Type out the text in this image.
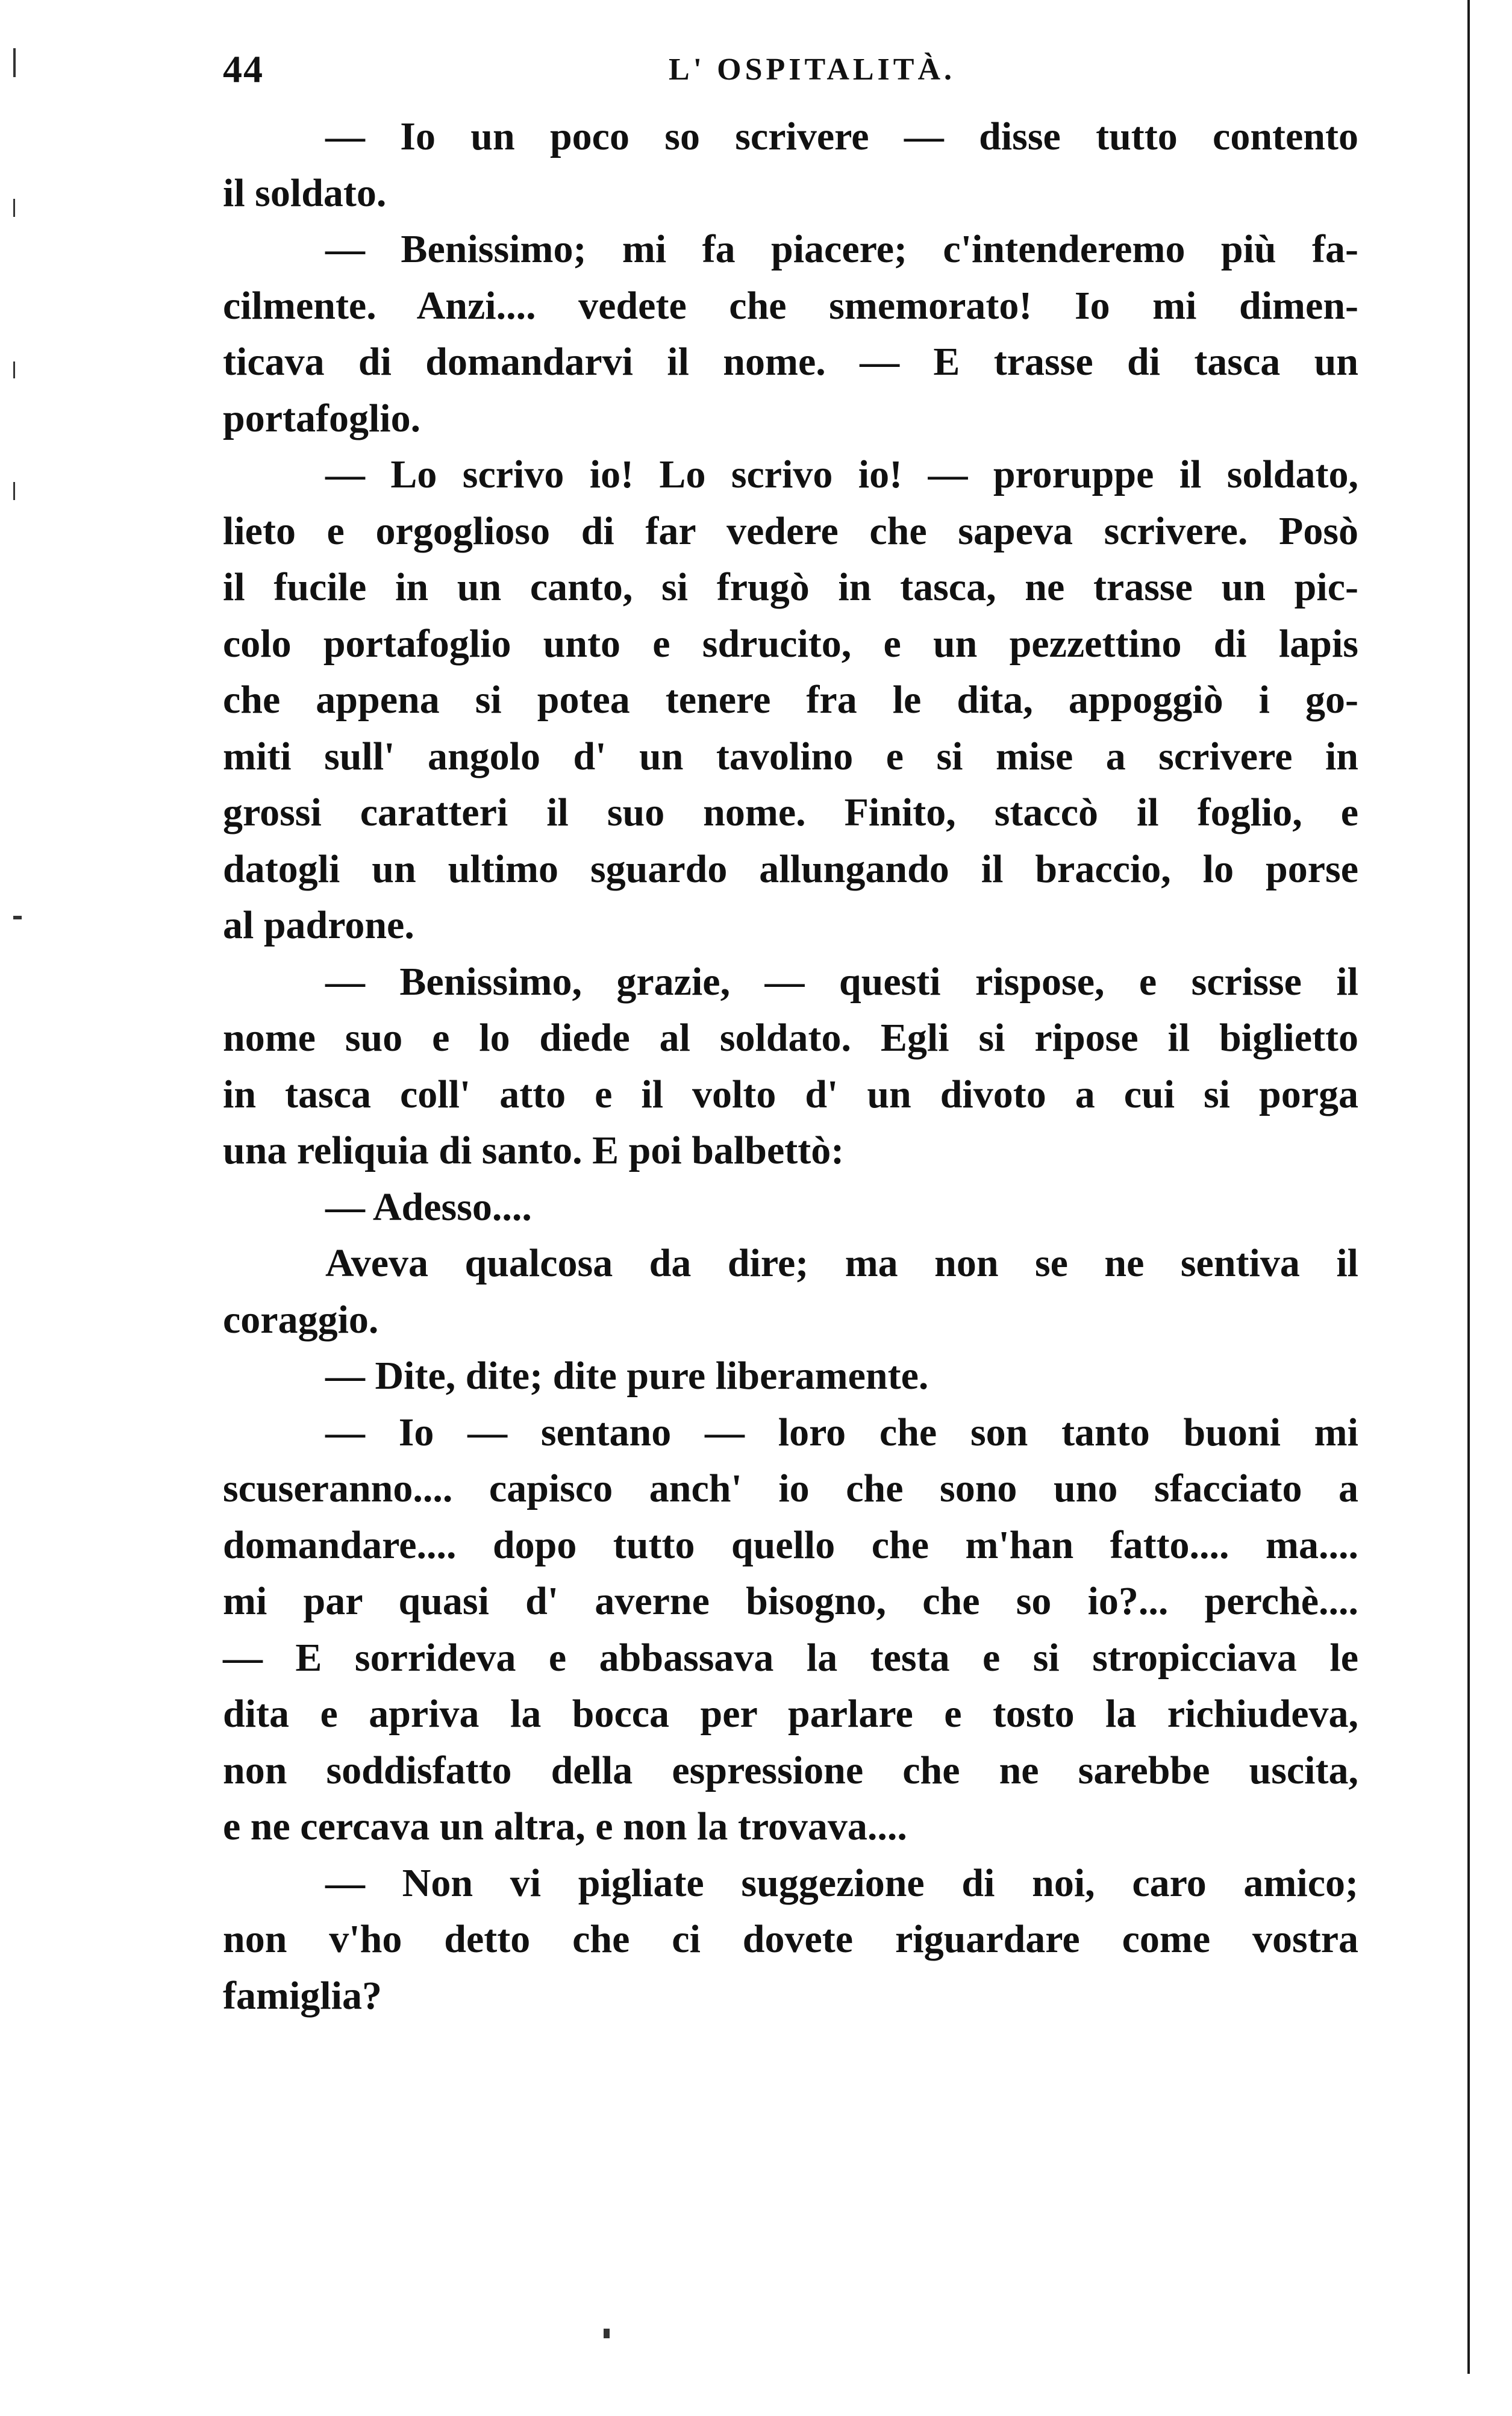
44	L' OSPITALITÀ.
— Io un poco so scrivere — disse tutto contento
il soldato.
— Benissimo; mi fa piacere; c'intenderemo più fa-
cilmente. Anzi.... vedete che smemorato! Io mi dimen-
ticava di domandarvi il nome. — E trasse di tasca un
portafoglio.
— Lo scrivo io! Lo scrivo io! — proruppe il soldato,
lieto e orgoglioso di far vedere che sapeva scrivere. Posò
il fucile in un canto, si frugò in tasca, ne trasse un pic-
colo portafoglio unto e sdrucito, e un pezzettino di lapis
che appena si potea tenere fra le dita, appoggiò i go-
miti sull' angolo d' un tavolino e si mise a scrivere in
grossi caratteri il suo nome. Finito, staccò il foglio, e
datogli un ultimo sguardo allungando il braccio, lo porse
al padrone.
— Benissimo, grazie, — questi rispose, e scrisse il
nome suo e lo diede al soldato. Egli si ripose il biglietto
in tasca coll' atto e il volto d' un divoto a cui si porga
una reliquia di santo. E poi balbettò:
— Adesso....
Aveva qualcosa da dire; ma non se ne sentiva il
coraggio.
— Dite, dite; dite pure liberamente.
— Io — sentano — loro che son tanto buoni mi
scuseranno.... capisco anch' io che sono uno sfacciato a
domandare.... dopo tutto quello che m'han fatto.... ma....
mi par quasi d' averne bisogno, che so io?... perchè....
— E sorrideva e abbassava la testa e si stropicciava le
dita e apriva la bocca per parlare e tosto la richiudeva,
non soddisfatto della espressione che ne sarebbe uscita,
e ne cercava un altra, e non la trovava....
— Non vi pigliate suggezione di noi, caro amico;
non v'ho detto che ci dovete riguardare come vostra
famiglia?
